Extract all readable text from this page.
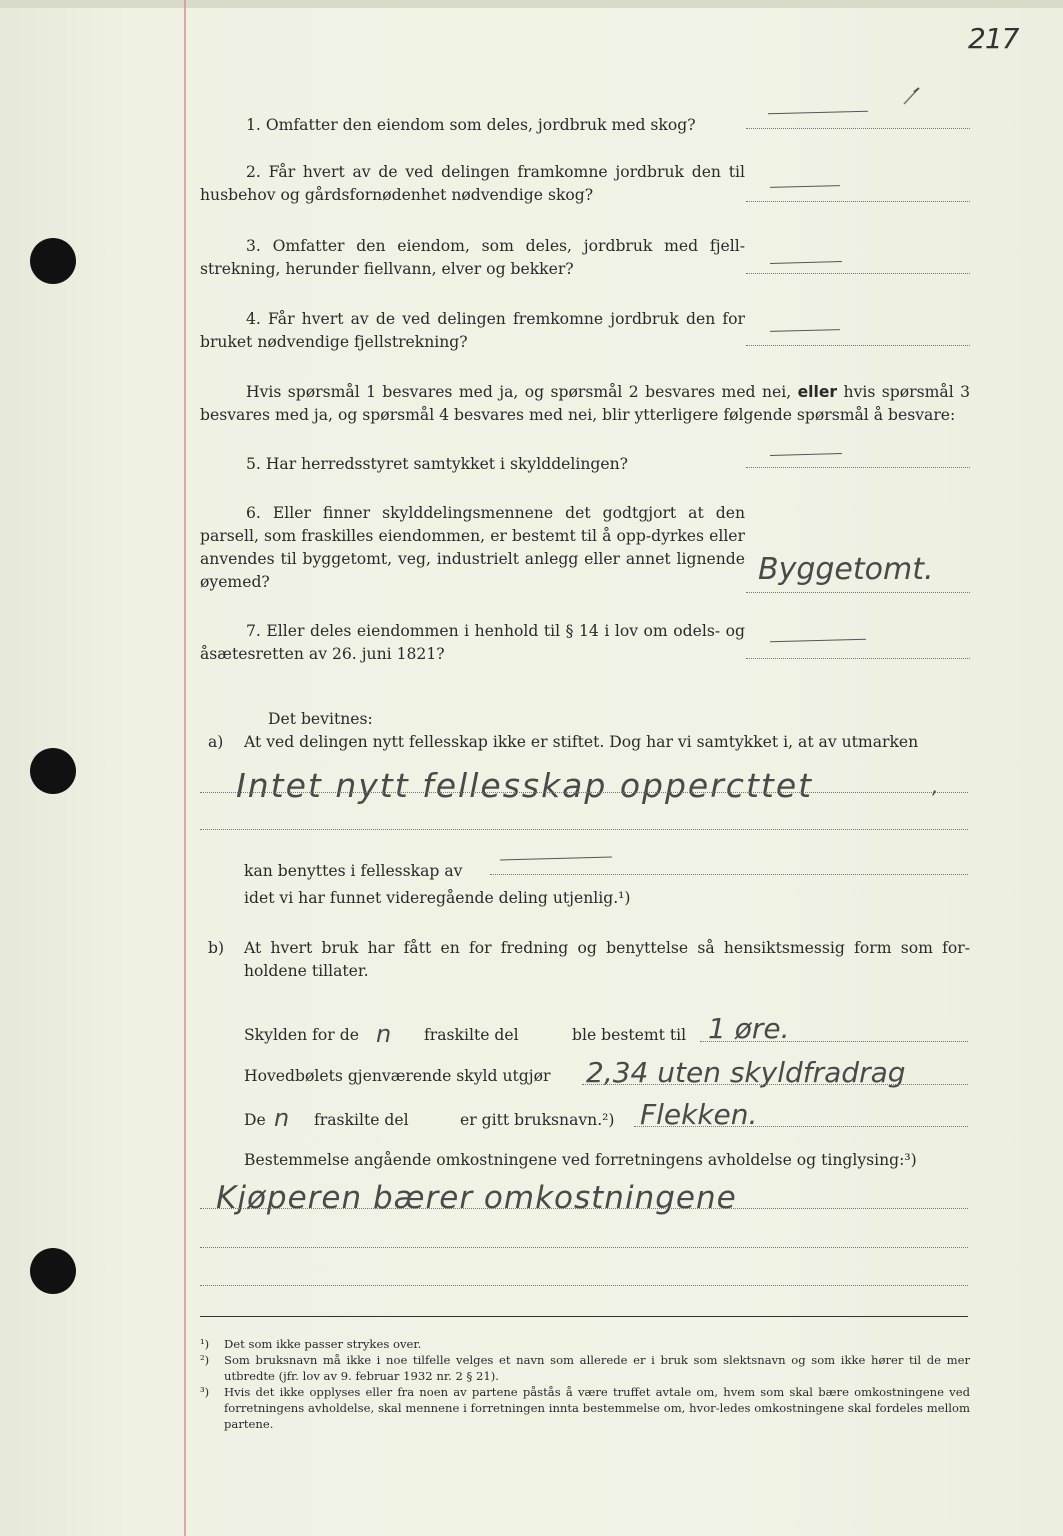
217
1. Omfatter den eiendom som deles, jordbruk med skog?
2. Får hvert av de ved delingen framkomne jordbruk den til husbehov og gårdsfornødenhet nødvendige skog?
3. Omfatter den eiendom, som deles, jordbruk med fjell-strekning, herunder fiellvann, elver og bekker?
4. Får hvert av de ved delingen fremkomne jordbruk den for bruket nødvendige fjellstrekning?
Hvis spørsmål 1 besvares med ja, og spørsmål 2 besvares med nei, eller hvis spørsmål 3 besvares med ja, og spørsmål 4 besvares med nei, blir ytterligere følgende spørsmål å besvare:
5. Har herredsstyret samtykket i skylddelingen?
6. Eller finner skylddelingsmennene det godtgjort at den parsell, som fraskilles eiendommen, er bestemt til å opp-dyrkes eller anvendes til byggetomt, veg, industrielt anlegg eller annet lignende øyemed?	Byggetomt.
7. Eller deles eiendommen i henhold til § 14 i lov om odels- og åsætesretten av 26. juni 1821?
Det bevitnes:
a) At ved delingen nytt fellesskap ikke er stiftet. Dog har vi samtykket i, at av utmarken
Intet nytt fellesskap oppercttet	,
kan benyttes i fellesskap av
idet vi har funnet videregående deling utjenlig.¹)
b) At hvert bruk har fått en for fredning og benyttelse så hensiktsmessig form som for-holdene tillater.
Skylden for de n fraskilte del	ble bestemt til 1 øre.
Hovedbølets gjenværende skyld utgjør 2,34 uten skyldfradrag
De n fraskilte del	er gitt bruksnavn.²) Flekken.
Bestemmelse angående omkostningene ved forretningens avholdelse og tinglysing:³)
Kjøperen bærer omkostningene
¹)	Det som ikke passer strykes over.
²)	Som bruksnavn må ikke i noe tilfelle velges et navn som allerede er i bruk som slektsnavn og som ikke hører til de mer utbredte (jfr. lov av 9. februar 1932 nr. 2 § 21).
³)	Hvis det ikke opplyses eller fra noen av partene påstås å være truffet avtale om, hvem som skal bære omkostningene ved forretningens avholdelse, skal mennene i forretningen innta bestemmelse om, hvor-ledes omkostningene skal fordeles mellom partene.
